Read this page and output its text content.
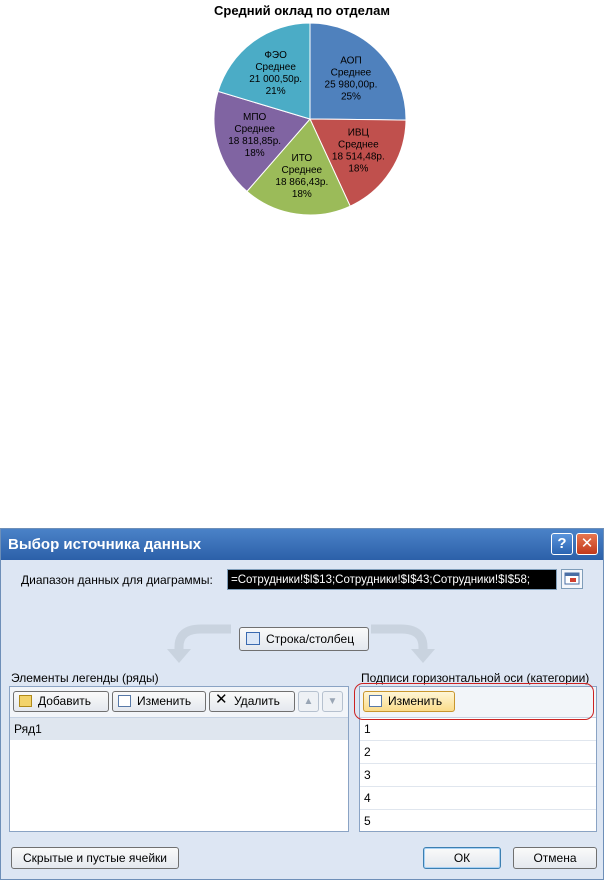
Средний оклад по отделам
АОП Среднее 25 980,00р. 25%
ИВЦ Среднее 18 514,48р. 18%
ИТО Среднее 18 866,43р. 18%
МПО Среднее 18 818,85р. 18%
ФЭО Среднее 21 000,50р. 21%
Выбор источника данных	? ✕
Диапазон данных для диаграммы:	=Сотрудники!$I$13;Сотрудники!$I$43;Сотрудники!$I$58;
Строка/столбец
Элементы легенды (ряды)	Подписи горизонтальной оси (категории)
Добавить	Изменить	✕ Удалить	▲	▼
Ряд1
Изменить
1
2
3
4
5
Скрытые и пустые ячейки	ОК	Отмена
